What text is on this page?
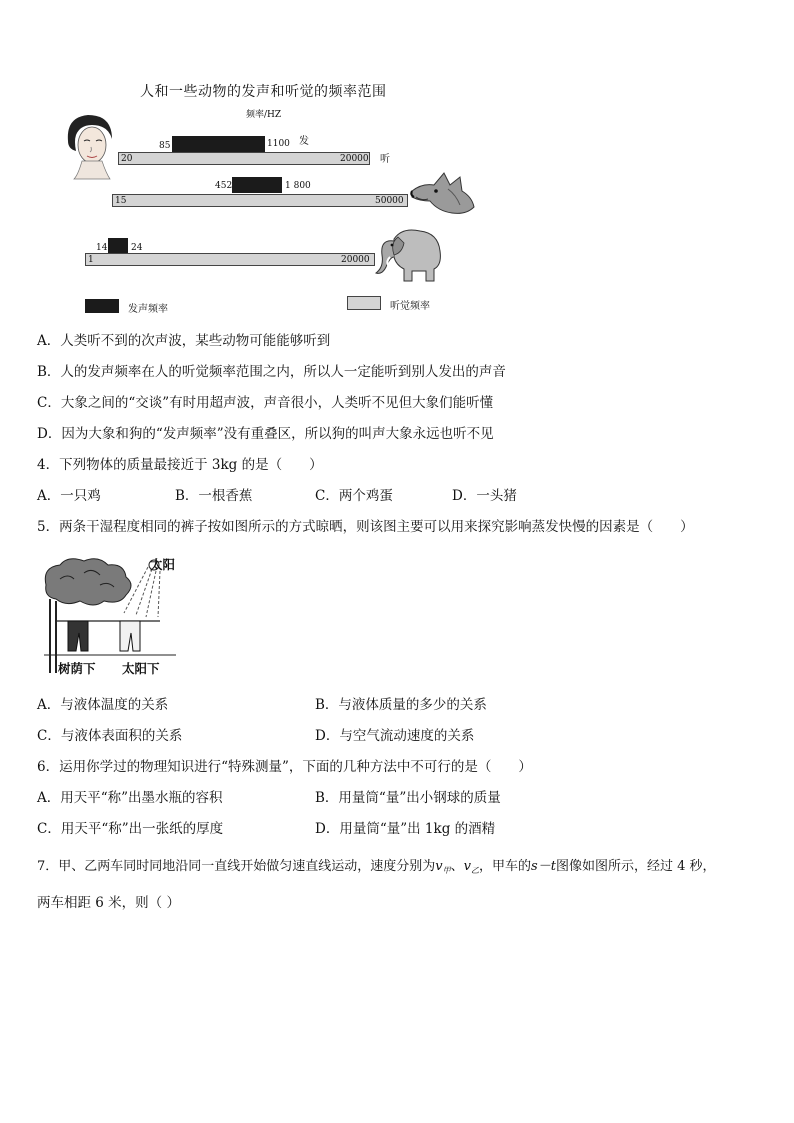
人和一些动物的发声和听觉的频率范围
频率/HZ
85	1100 发
20	20000 听
452	1 800
15	50000
14	24
1	20000
发声频率	听觉频率
A．人类听不到的次声波，某些动物可能能够听到
B．人的发声频率在人的听觉频率范围之内，所以人一定能听到别人发出的声音
C．大象之间的“交谈”有时用超声波，声音很小，人类听不见但大象们能听懂
D．因为大象和狗的“发声频率”没有重叠区，所以狗的叫声大象永远也听不见
4．下列物体的质量最接近于 3kg 的是（　　）
A．一只鸡	B．一根香蕉	C．两个鸡蛋	D．一头猪
5．两条干湿程度相同的裤子按如图所示的方式晾晒，则该图主要可以用来探究影响蒸发快慢的因素是（　　）
太阳
树荫下 太阳下
A．与液体温度的关系	B．与液体质量的多少的关系
C．与液体表面积的关系	D．与空气流动速度的关系
6．运用你学过的物理知识进行“特殊测量”，下面的几种方法中不可行的是（　　）
A．用天平“称”出墨水瓶的容积	B．用量筒“量”出小钢球的质量
C．用天平“称”出一张纸的厚度	D．用量筒“量”出 1kg 的酒精
7．甲、乙两车同时同地沿同一直线开始做匀速直线运动，速度分别为$v_甲$、$v_乙$，甲车的s－t图像如图所示，经过 4 秒，
两车相距 6 米，则（ ）
